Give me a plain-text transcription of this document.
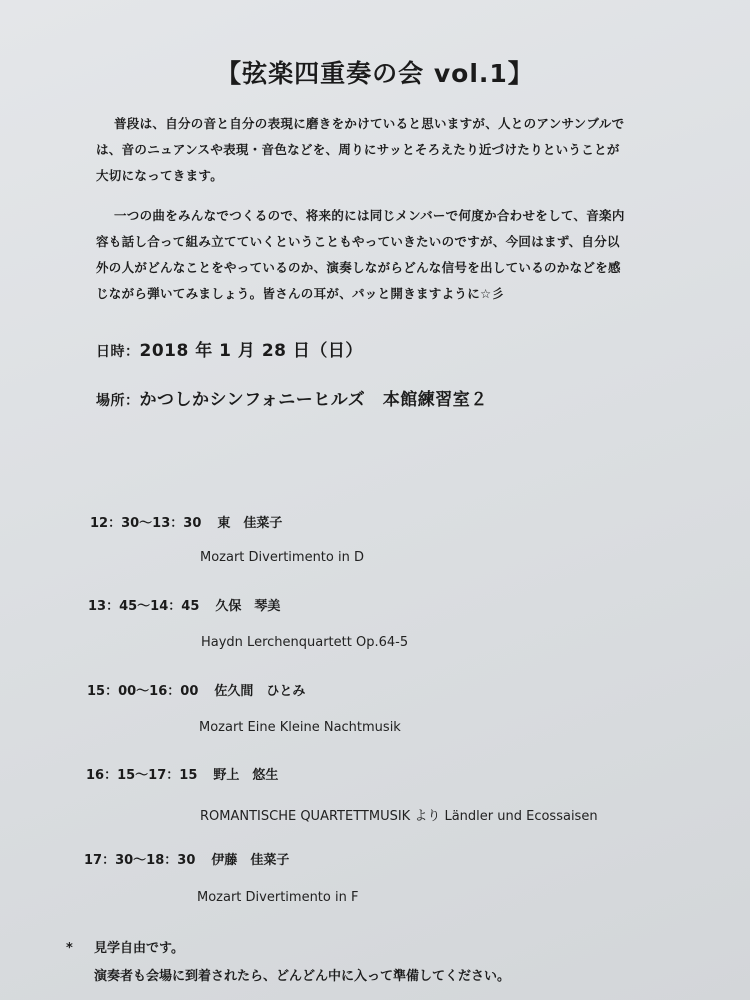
【弦楽四重奏の会 vol.1】
普段は、自分の音と自分の表現に磨きをかけていると思いますが、人とのアンサンブルで
は、音のニュアンスや表現・音色などを、周りにサッとそろえたり近づけたりということが
大切になってきます。
一つの曲をみんなでつくるので、将来的には同じメンバーで何度か合わせをして、音楽内
容も話し合って組み立てていくということもやっていきたいのですが、今回はまず、自分以
外の人がどんなことをやっているのか、演奏しながらどんな信号を出しているのかなどを感
じながら弾いてみましょう。皆さんの耳が、パッと開きますように☆彡
日時：2018 年 1 月 28 日（日）
場所：かつしかシンフォニーヒルズ　本館練習室２
12：30～13：30 東　佳菜子
Mozart Divertimento in D
13：45～14：45 久保　琴美
Haydn Lerchenquartett Op.64-5
15：00～16：00 佐久間　ひとみ
Mozart Eine Kleine Nachtmusik
16：15～17：15 野上　悠生
ROMANTISCHE QUARTETTMUSIK より Ländler und Ecossaisen
17：30～18：30 伊藤　佳菜子
Mozart Divertimento in F
* 見学自由です。
演奏者も会場に到着されたら、どんどん中に入って準備してください。
